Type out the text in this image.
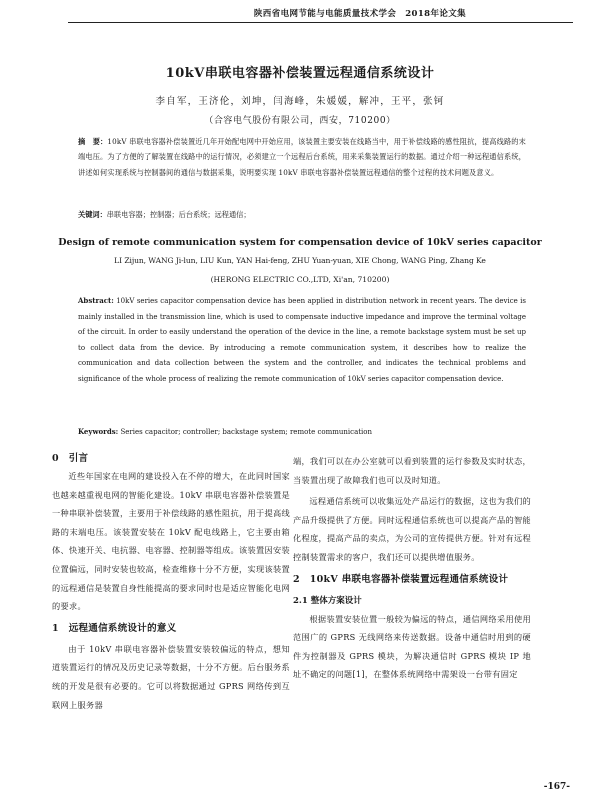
陕西省电网节能与电能质量技术学会　2018年论文集
10kV串联电容器补偿装置远程通信系统设计
李自军，王济伦，刘坤，闫海峰，朱媛媛，解冲，王平，张钶
（合容电气股份有限公司，西安，710200）
摘　要：10kV 串联电容器补偿装置近几年开始配电网中开始应用，该装置主要安装在线路当中，用于补偿线路的感性阻抗，提高线路的末端电压。为了方便的了解装置在线路中的运行情况，必须建立一个远程后台系统，用来采集装置运行的数据。通过介绍一种远程通信系统，讲述如何实现系统与控制器间的通信与数据采集，说明要实现 10kV 串联电容器补偿装置远程通信的整个过程的技术问题及意义。
关键词：串联电容器；控制器；后台系统；远程通信；
Design of remote communication system for compensation device of 10kV series capacitor
LI Zijun, WANG Ji-lun, LIU Kun, YAN Hai-feng, ZHU Yuan-yuan, XIE Chong, WANG Ping, Zhang Ke
(HERONG ELECTRIC CO.,LTD, Xi'an, 710200)
Abstract: 10kV series capacitor compensation device has been applied in distribution network in recent years. The device is mainly installed in the transmission line, which is used to compensate inductive impedance and improve the terminal voltage of the circuit. In order to easily understand the operation of the device in the line, a remote backstage system must be set up to collect data from the device. By introducing a remote communication system, it describes how to realize the communication and data collection between the system and the controller, and indicates the technical problems and significance of the whole process of realizing the remote communication of 10kV series capacitor compensation device.
Keywords: Series capacitor; controller; backstage system; remote communication
0　引言

近些年国家在电网的建设投入在不停的增大，在此同时国家也越来越重视电网的智能化建设。10kV 串联电容器补偿装置是一种串联补偿装置，主要用于补偿线路的感性阻抗，用于提高线路的末端电压。该装置安装在 10kV 配电线路上，它主要由箱体、快速开关、电抗器、电容器、控制器等组成。该装置因安装位置偏远，同时安装也较高，检查维修十分不方便，实现该装置的远程通信是装置自身性能提高的要求同时也是适应智能化电网的要求。

1　远程通信系统设计的意义

由于 10kV 串联电容器补偿装置安装较偏远的特点，想知道装置运行的情况及历史记录等数据，十分不方便。后台服务系统的开发是很有必要的。它可以将数据通过 GPRS 网络传到互联网上服务器

端，我们可以在办公室就可以看到装置的运行参数及实时状态，当装置出现了故障我们也可以及时知道。

远程通信系统可以收集远处产品运行的数据，这也为我们的产品升级提供了方便。同时远程通信系统也可以提高产品的智能化程度，提高产品的卖点，为公司的宣传提供方便。针对有远程控制装置需求的客户，我们还可以提供增值服务。

2　10kV 串联电容器补偿装置远程通信系统设计
2.1 整体方案设计

根据装置安装位置一般较为偏远的特点，通信网络采用使用范围广的 GPRS 无线网络来传送数据。设备中通信时用到的硬件为控制器及 GPRS 模块，为解决通信时 GPRS 模块 IP 地址不确定的问题[1]，在整体系统网络中需架设一台带有固定

-167-
